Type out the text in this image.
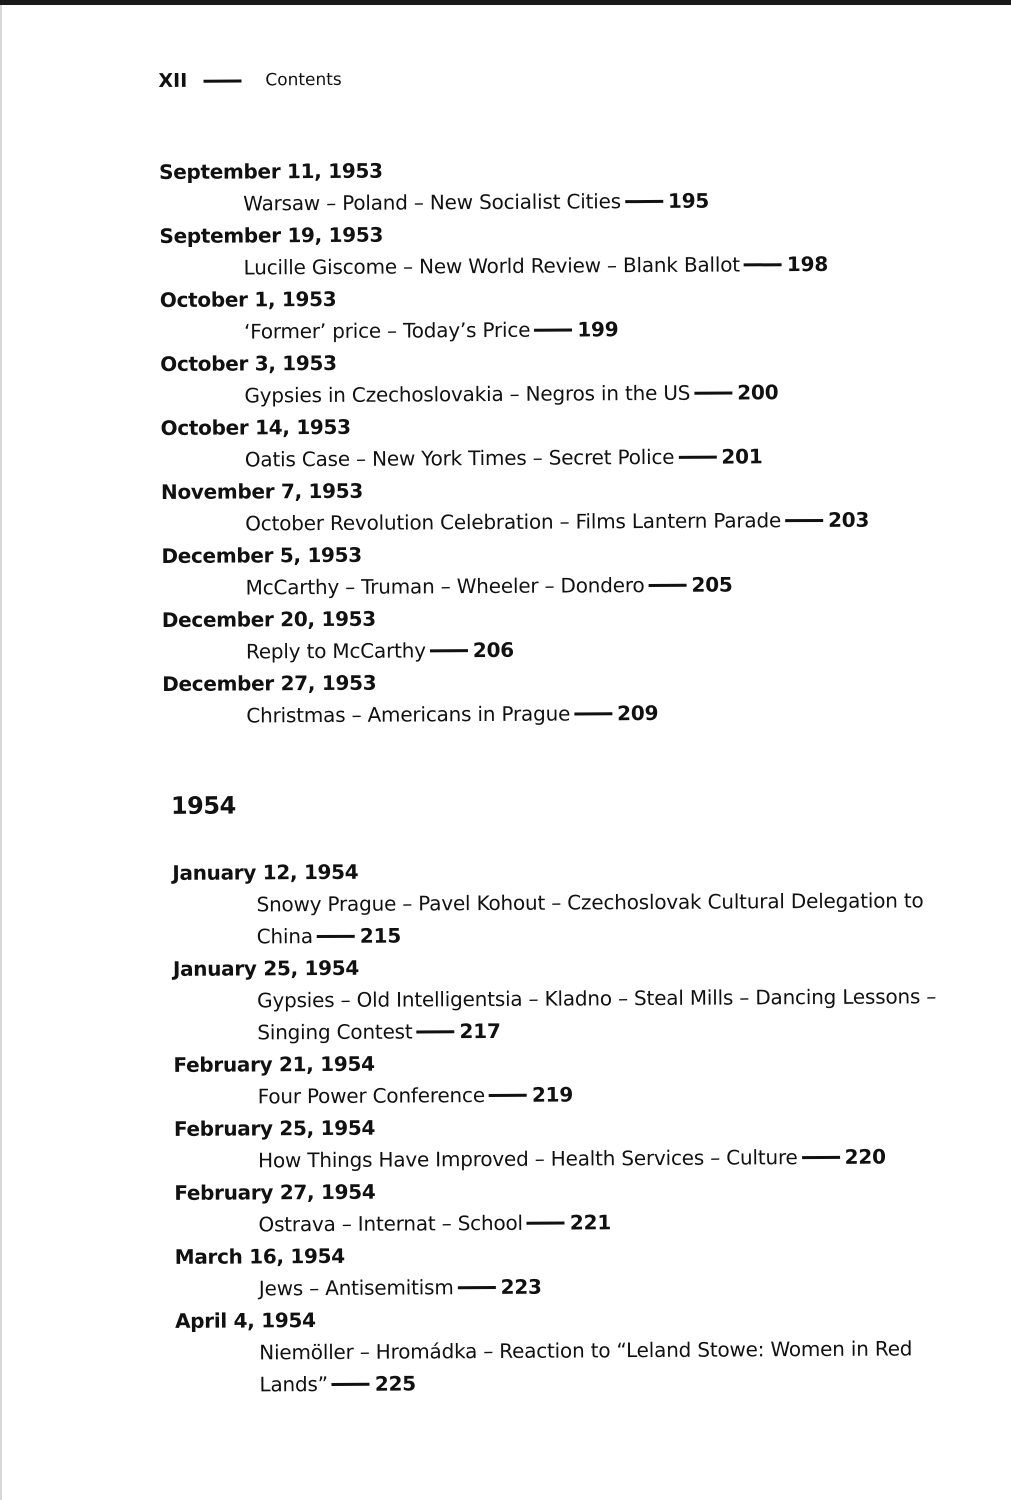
XII	Contents
September 11, 1953
Warsaw – Poland – New Socialist Cities 195
September 19, 1953
Lucille Giscome – New World Review – Blank Ballot 198
October 1, 1953
‘Former’ price – Today’s Price 199
October 3, 1953
Gypsies in Czechoslovakia – Negros in the US 200
October 14, 1953
Oatis Case – New York Times – Secret Police 201
November 7, 1953
October Revolution Celebration – Films Lantern Parade 203
December 5, 1953
McCarthy – Truman – Wheeler – Dondero 205
December 20, 1953
Reply to McCarthy 206
December 27, 1953
Christmas – Americans in Prague 209
1954
January 12, 1954
Snowy Prague – Pavel Kohout – Czechoslovak Cultural Delegation to China 215
January 25, 1954
Gypsies – Old Intelligentsia – Kladno – Steal Mills – Dancing Lessons – Singing Contest 217
February 21, 1954
Four Power Conference 219
February 25, 1954
How Things Have Improved – Health Services – Culture 220
February 27, 1954
Ostrava – Internat – School 221
March 16, 1954
Jews – Antisemitism 223
April 4, 1954
Niemöller – Hromádka – Reaction to “Leland Stowe: Women in Red Lands” 225
